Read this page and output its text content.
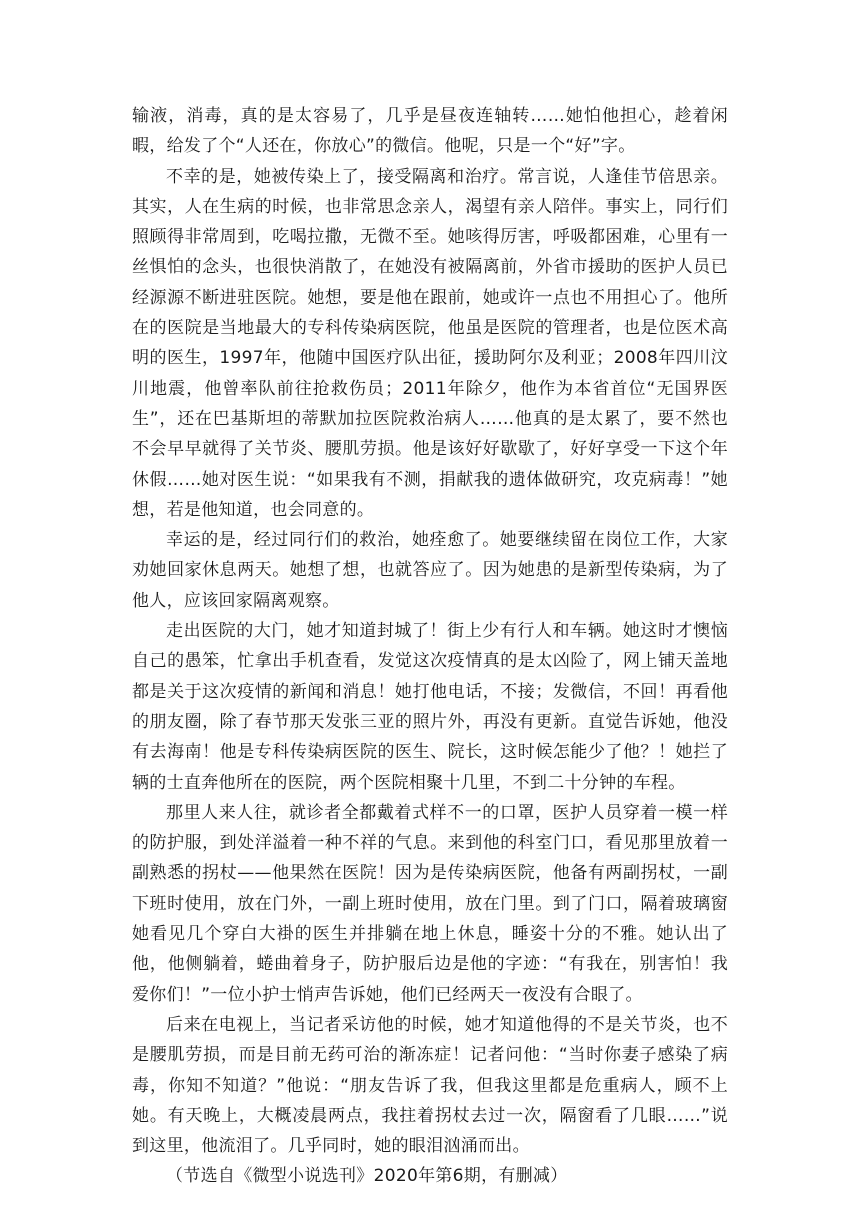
输液，消毒，真的是太容易了，几乎是昼夜连轴转……她怕他担心，趁着闲暇，给发了个“人还在，你放心”的微信。他呢，只是一个“好”字。

不幸的是，她被传染上了，接受隔离和治疗。常言说，人逢佳节倍思亲。其实，人在生病的时候，也非常思念亲人，渴望有亲人陪伴。事实上，同行们照顾得非常周到，吃喝拉撒，无微不至。她咳得厉害，呼吸都困难，心里有一丝惧怕的念头，也很快消散了，在她没有被隔离前，外省市援助的医护人员已经源源不断进驻医院。她想，要是他在跟前，她或许一点也不用担心了。他所在的医院是当地最大的专科传染病医院，他虽是医院的管理者，也是位医术高明的医生，1997年，他随中国医疗队出征，援助阿尔及利亚；2008年四川汶川地震，他曾率队前往抢救伤员；2011年除夕，他作为本省首位“无国界医生”，还在巴基斯坦的蒂默加拉医院救治病人……他真的是太累了，要不然也不会早早就得了关节炎、腰肌劳损。他是该好好歇歇了，好好享受一下这个年休假……她对医生说：“如果我有不测，捐献我的遗体做研究，攻克病毒！”她想，若是他知道，也会同意的。

幸运的是，经过同行们的救治，她痊愈了。她要继续留在岗位工作，大家劝她回家休息两天。她想了想，也就答应了。因为她患的是新型传染病，为了他人，应该回家隔离观察。

走出医院的大门，她才知道封城了！街上少有行人和车辆。她这时才懊恼自己的愚笨，忙拿出手机查看，发觉这次疫情真的是太凶险了，网上铺天盖地都是关于这次疫情的新闻和消息！她打他电话，不接；发微信，不回！再看他的朋友圈，除了春节那天发张三亚的照片外，再没有更新。直觉告诉她，他没有去海南！他是专科传染病医院的医生、院长，这时候怎能少了他？！她拦了辆的士直奔他所在的医院，两个医院相聚十几里，不到二十分钟的车程。

那里人来人往，就诊者全都戴着式样不一的口罩，医护人员穿着一模一样的防护服，到处洋溢着一种不祥的气息。来到他的科室门口，看见那里放着一副熟悉的拐杖——他果然在医院！因为是传染病医院，他备有两副拐杖，一副下班时使用，放在门外，一副上班时使用，放在门里。到了门口，隔着玻璃窗她看见几个穿白大褂的医生并排躺在地上休息，睡姿十分的不雅。她认出了他，他侧躺着，蜷曲着身子，防护服后边是他的字迹：“有我在，别害怕！我爱你们！”一位小护士悄声告诉她，他们已经两天一夜没有合眼了。

后来在电视上，当记者采访他的时候，她才知道他得的不是关节炎，也不是腰肌劳损，而是目前无药可治的渐冻症！记者问他：“当时你妻子感染了病毒，你知不知道？”他说：“朋友告诉了我，但我这里都是危重病人，顾不上她。有天晚上，大概凌晨两点，我拄着拐杖去过一次，隔窗看了几眼……”说到这里，他流泪了。几乎同时，她的眼泪汹涌而出。

（节选自《微型小说选刊》2020年第6期，有删减）
